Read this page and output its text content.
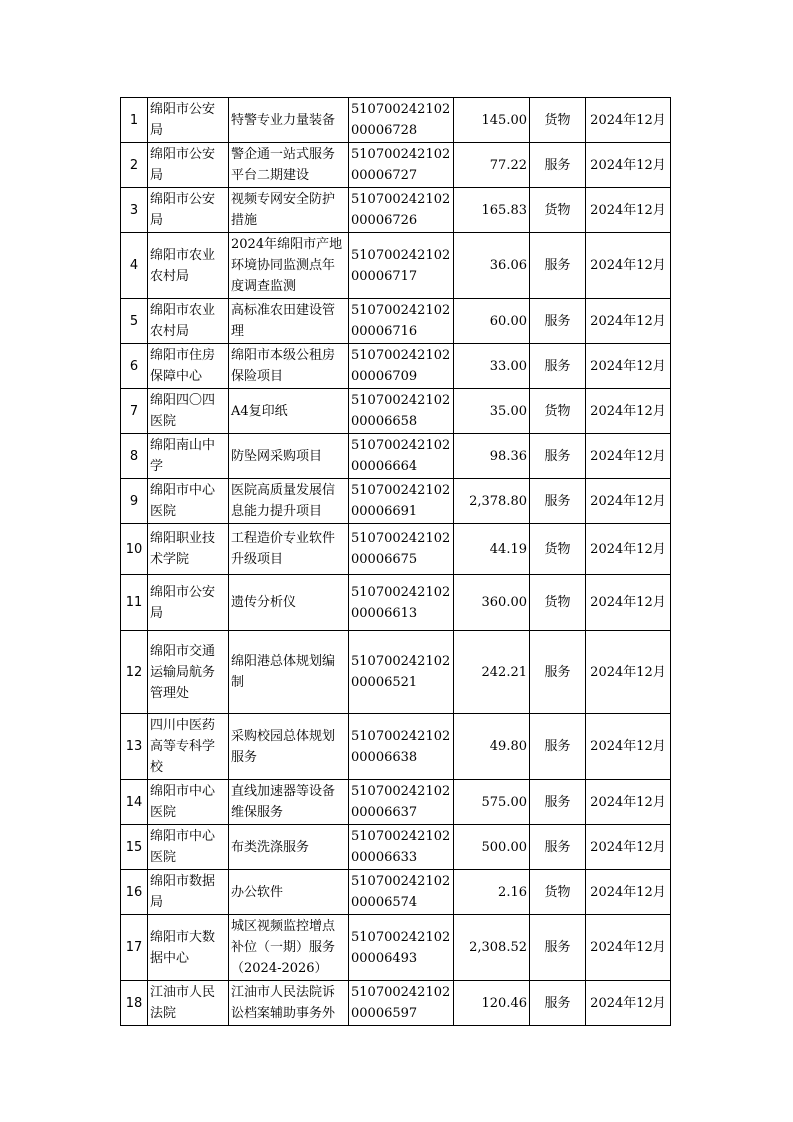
1	绵阳市公安局	特警专业力量装备	51070024210200006728	145.00	货物	2024年12月
2	绵阳市公安局	警企通一站式服务平台二期建设	51070024210200006727	77.22	服务	2024年12月
3	绵阳市公安局	视频专网安全防护措施	51070024210200006726	165.83	货物	2024年12月
4	绵阳市农业农村局	2024年绵阳市产地环境协同监测点年度调查监测	51070024210200006717	36.06	服务	2024年12月
5	绵阳市农业农村局	高标准农田建设管理	51070024210200006716	60.00	服务	2024年12月
6	绵阳市住房保障中心	绵阳市本级公租房保险项目	51070024210200006709	33.00	服务	2024年12月
7	绵阳四〇四医院	A4复印纸	51070024210200006658	35.00	货物	2024年12月
8	绵阳南山中学	防坠网采购项目	51070024210200006664	98.36	服务	2024年12月
9	绵阳市中心医院	医院高质量发展信息能力提升项目	51070024210200006691	2,378.80	服务	2024年12月
10	绵阳职业技术学院	工程造价专业软件升级项目	51070024210200006675	44.19	货物	2024年12月
11	绵阳市公安局	遗传分析仪	51070024210200006613	360.00	货物	2024年12月
12	绵阳市交通运输局航务管理处	绵阳港总体规划编制	51070024210200006521	242.21	服务	2024年12月
13	四川中医药高等专科学校	采购校园总体规划服务	51070024210200006638	49.80	服务	2024年12月
14	绵阳市中心医院	直线加速器等设备维保服务	51070024210200006637	575.00	服务	2024年12月
15	绵阳市中心医院	布类洗涤服务	51070024210200006633	500.00	服务	2024年12月
16	绵阳市数据局	办公软件	51070024210200006574	2.16	货物	2024年12月
17	绵阳市大数据中心	城区视频监控增点补位（一期）服务（2024-2026）	51070024210200006493	2,308.52	服务	2024年12月
18	江油市人民法院	江油市人民法院诉讼档案辅助事务外	51070024210200006597	120.46	服务	2024年12月
